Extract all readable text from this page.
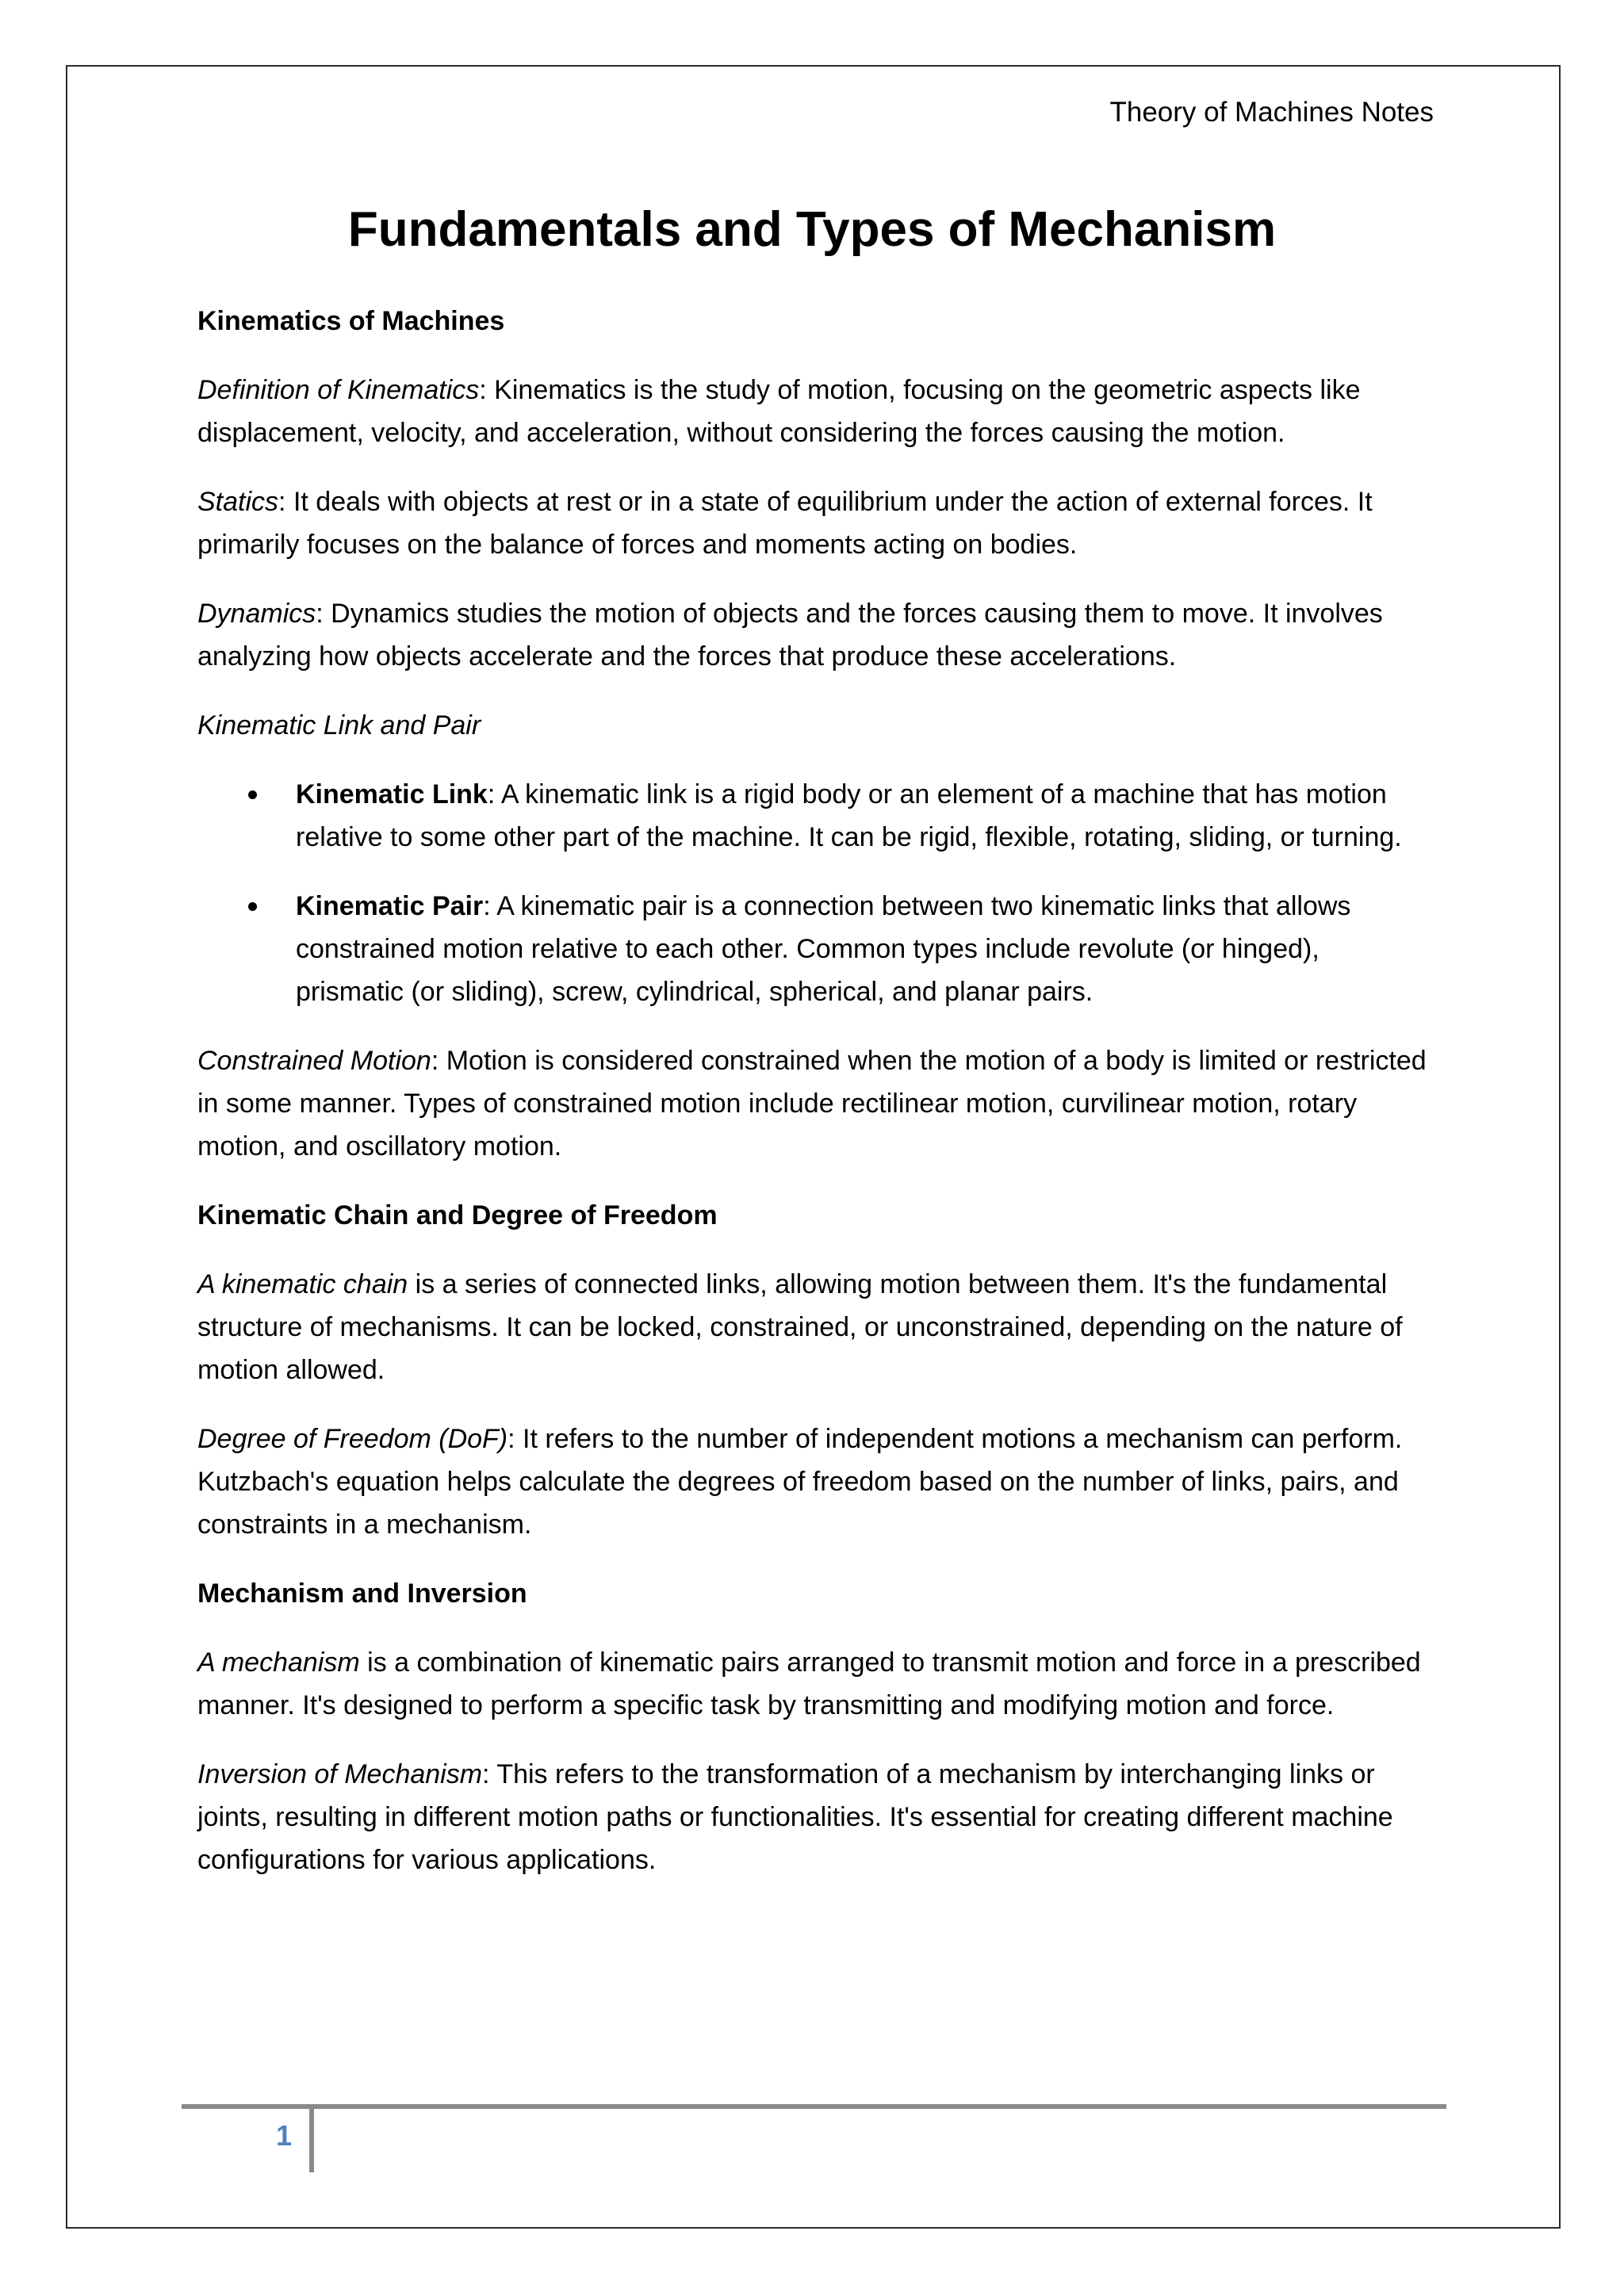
Theory of Machines Notes
Fundamentals and Types of Mechanism

Kinematics of Machines

Definition of Kinematics: Kinematics is the study of motion, focusing on the geometric aspects like displacement, velocity, and acceleration, without considering the forces causing the motion.

Statics: It deals with objects at rest or in a state of equilibrium under the action of external forces. It primarily focuses on the balance of forces and moments acting on bodies.

Dynamics: Dynamics studies the motion of objects and the forces causing them to move. It involves analyzing how objects accelerate and the forces that produce these accelerations.

Kinematic Link and Pair

Kinematic Link: A kinematic link is a rigid body or an element of a machine that has motion relative to some other part of the machine. It can be rigid, flexible, rotating, sliding, or turning.
Kinematic Pair: A kinematic pair is a connection between two kinematic links that allows constrained motion relative to each other. Common types include revolute (or hinged), prismatic (or sliding), screw, cylindrical, spherical, and planar pairs.

Constrained Motion: Motion is considered constrained when the motion of a body is limited or restricted in some manner. Types of constrained motion include rectilinear motion, curvilinear motion, rotary motion, and oscillatory motion.

Kinematic Chain and Degree of Freedom

A kinematic chain is a series of connected links, allowing motion between them. It's the fundamental structure of mechanisms. It can be locked, constrained, or unconstrained, depending on the nature of motion allowed.

Degree of Freedom (DoF): It refers to the number of independent motions a mechanism can perform. Kutzbach's equation helps calculate the degrees of freedom based on the number of links, pairs, and constraints in a mechanism.

Mechanism and Inversion

A mechanism is a combination of kinematic pairs arranged to transmit motion and force in a prescribed manner. It's designed to perform a specific task by transmitting and modifying motion and force.

Inversion of Mechanism: This refers to the transformation of a mechanism by interchanging links or joints, resulting in different motion paths or functionalities. It's essential for creating different machine configurations for various applications.

1
